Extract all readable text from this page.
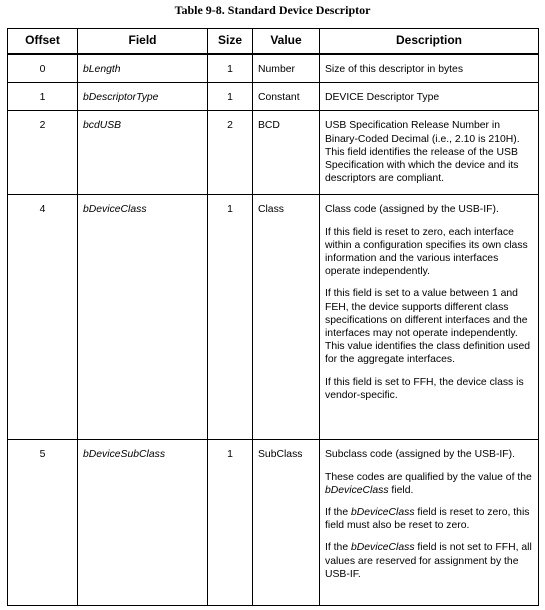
Table 9-8. Standard Device Descriptor
Offset	Field	Size	Value	Description

0	bLength	1	Number	Size of this descriptor in bytes

1	bDescriptorType	1	Constant	DEVICE Descriptor Type

2	bcdUSB	2	BCD	USB Specification Release Number in Binary-Coded Decimal (i.e., 2.10 is 210H). This field identifies the release of the USB Specification with which the device and its descriptors are compliant.

4	bDeviceClass	1	Class	Class code (assigned by the USB-IF).

If this field is reset to zero, each interface within a configuration specifies its own class information and the various interfaces operate independently.

If this field is set to a value between 1 and FEH, the device supports different class specifications on different interfaces and the interfaces may not operate independently. This value identifies the class definition used for the aggregate interfaces.

If this field is set to FFH, the device class is vendor-specific.

5	bDeviceSubClass	1	SubClass	Subclass code (assigned by the USB-IF).

These codes are qualified by the value of the bDeviceClass field.

If the bDeviceClass field is reset to zero, this field must also be reset to zero.

If the bDeviceClass field is not set to FFH, all values are reserved for assignment by the USB-IF.
